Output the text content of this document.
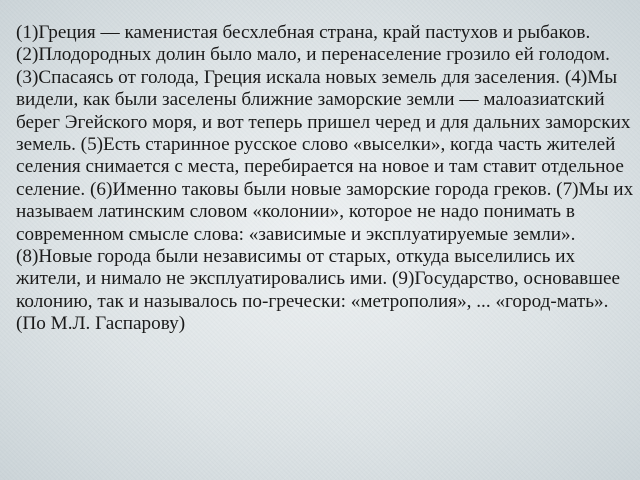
(1)Греция — каменистая бесхлебная страна, край пастухов и рыбаков. (2)Плодородных долин было мало, и перенаселение грозило ей голодом. (3)Спасаясь от голода, Греция искала новых земель для заселения. (4)Мы видели, как были заселены ближние заморские земли — малоазиатский берег Эгейского моря, и вот теперь пришел черед и для дальних заморских земель. (5)Есть старинное русское слово «выселки», когда часть жителей селения снимается с места, перебирается на новое и там ставит отдельное селение. (6)Именно таковы были новые заморские города греков. (7)Мы их называем латинским словом «колонии», которое не надо понимать в современном смысле слова: «зависимые и эксплуатируемые земли». (8)Новые города были независимы от старых, откуда выселились их жители, и нимало не эксплуатировались ими. (9)Государство, основавшее колонию, так и называлось по-гречески: «метрополия», ... «город-мать».

(По М.Л. Гаспарову)
